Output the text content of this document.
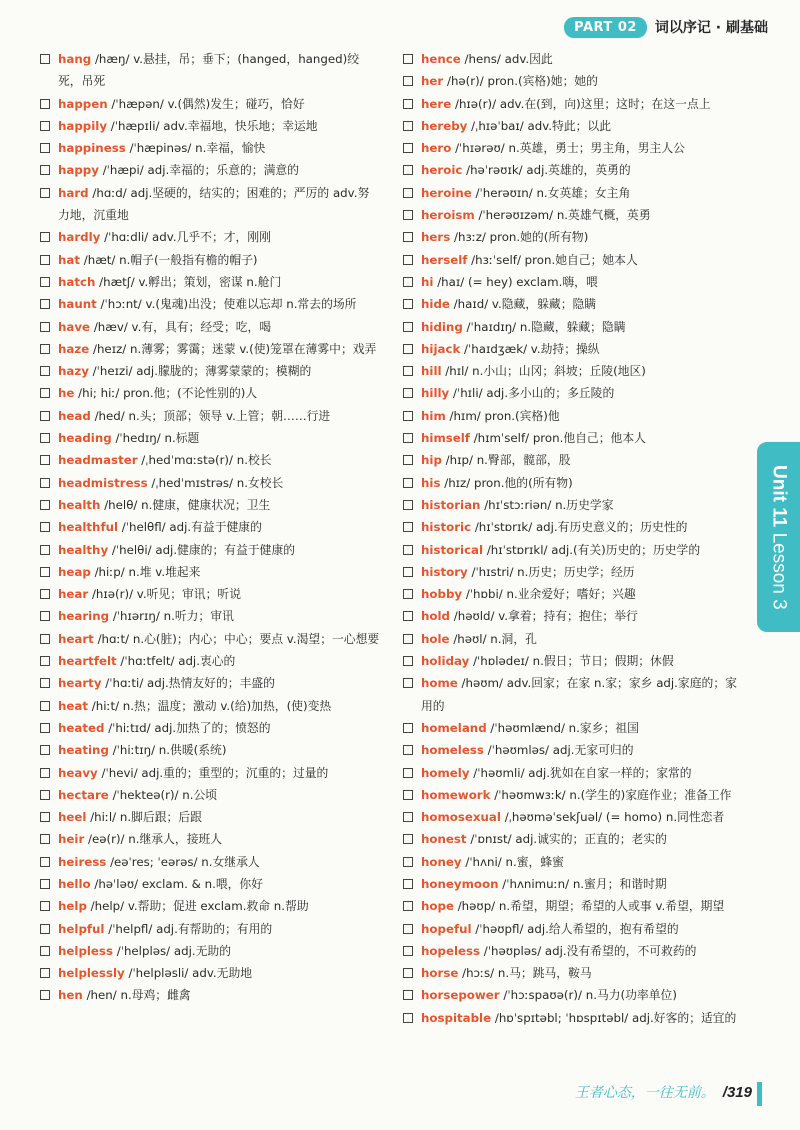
PART 02	词以序记 · 刷基础
hang /hæŋ/ v.悬挂，吊；垂下；(hanged，hanged)绞死，吊死
happen /ˈhæpən/ v.(偶然)发生；碰巧，恰好
happily /ˈhæpɪli/ adv.幸福地，快乐地；幸运地
happiness /ˈhæpinəs/ n.幸福，愉快
happy /ˈhæpi/ adj.幸福的；乐意的；满意的
hard /hɑːd/ adj.坚硬的，结实的；困难的；严厉的 adv.努力地，沉重地
hardly /ˈhɑːdli/ adv.几乎不；才，刚刚
hat /hæt/ n.帽子(一般指有檐的帽子)
hatch /hætʃ/ v.孵出；策划，密谋 n.舱门
haunt /ˈhɔːnt/ v.(鬼魂)出没；使难以忘却 n.常去的场所
have /hæv/ v.有，具有；经受；吃，喝
haze /heɪz/ n.薄雾；雾霭；迷蒙 v.(使)笼罩在薄雾中；戏弄
hazy /ˈheɪzi/ adj.朦胧的；薄雾蒙蒙的；模糊的
he /hi; hiː/ pron.他；(不论性别的)人
head /hed/ n.头；顶部；领导 v.上管；朝……行进
heading /ˈhedɪŋ/ n.标题
headmaster /ˌhedˈmɑːstə(r)/ n.校长
headmistress /ˌhedˈmɪstrəs/ n.女校长
health /helθ/ n.健康，健康状况；卫生
healthful /ˈhelθfl/ adj.有益于健康的
healthy /ˈhelθi/ adj.健康的；有益于健康的
heap /hiːp/ n.堆 v.堆起来
hear /hɪə(r)/ v.听见；审讯；听说
hearing /ˈhɪərɪŋ/ n.听力；审讯
heart /hɑːt/ n.心(脏)；内心；中心；要点 v.渴望；一心想要
heartfelt /ˈhɑːtfelt/ adj.衷心的
hearty /ˈhɑːti/ adj.热情友好的；丰盛的
heat /hiːt/ n.热；温度；激动 v.(给)加热，(使)变热
heated /ˈhiːtɪd/ adj.加热了的；愤怒的
heating /ˈhiːtɪŋ/ n.供暖(系统)
heavy /ˈhevi/ adj.重的；重型的；沉重的；过量的
hectare /ˈhekteə(r)/ n.公顷
heel /hiːl/ n.脚后跟；后跟
heir /eə(r)/ n.继承人，接班人
heiress /eəˈres; ˈeərəs/ n.女继承人
hello /həˈləʊ/ exclam. & n.喂，你好
help /help/ v.帮助；促进 exclam.救命 n.帮助
helpful /ˈhelpfl/ adj.有帮助的；有用的
helpless /ˈhelpləs/ adj.无助的
helplessly /ˈhelpləsli/ adv.无助地
hen /hen/ n.母鸡；雌禽
hence /hens/ adv.因此
her /hə(r)/ pron.(宾格)她；她的
here /hɪə(r)/ adv.在(到，向)这里；这时；在这一点上
hereby /ˌhɪəˈbaɪ/ adv.特此；以此
hero /ˈhɪərəʊ/ n.英雄，勇士；男主角，男主人公
heroic /həˈrəʊɪk/ adj.英雄的，英勇的
heroine /ˈherəʊɪn/ n.女英雄；女主角
heroism /ˈherəʊɪzəm/ n.英雄气概，英勇
hers /hɜːz/ pron.她的(所有物)
herself /hɜːˈself/ pron.她自己；她本人
hi /haɪ/ (= hey) exclam.嗨，喂
hide /haɪd/ v.隐藏，躲藏；隐瞒
hiding /ˈhaɪdɪŋ/ n.隐藏，躲藏；隐瞒
hijack /ˈhaɪdʒæk/ v.劫持；操纵
hill /hɪl/ n.小山；山冈；斜坡；丘陵(地区)
hilly /ˈhɪli/ adj.多小山的；多丘陵的
him /hɪm/ pron.(宾格)他
himself /hɪmˈself/ pron.他自己；他本人
hip /hɪp/ n.臀部，髋部，股
his /hɪz/ pron.他的(所有物)
historian /hɪˈstɔːriən/ n.历史学家
historic /hɪˈstɒrɪk/ adj.有历史意义的；历史性的
historical /hɪˈstɒrɪkl/ adj.(有关)历史的；历史学的
history /ˈhɪstri/ n.历史；历史学；经历
hobby /ˈhɒbi/ n.业余爱好；嗜好；兴趣
hold /həʊld/ v.拿着；持有；抱住；举行
hole /həʊl/ n.洞，孔
holiday /ˈhɒlədeɪ/ n.假日；节日；假期；休假
home /həʊm/ adv.回家；在家 n.家；家乡 adj.家庭的；家用的
homeland /ˈhəʊmlænd/ n.家乡；祖国
homeless /ˈhəʊmləs/ adj.无家可归的
homely /ˈhəʊmli/ adj.犹如在自家一样的；家常的
homework /ˈhəʊmwɜːk/ n.(学生的)家庭作业；准备工作
homosexual /ˌhəʊməˈsekʃuəl/ (= homo) n.同性恋者
honest /ˈɒnɪst/ adj.诚实的；正直的；老实的
honey /ˈhʌni/ n.蜜，蜂蜜
honeymoon /ˈhʌnimuːn/ n.蜜月；和谐时期
hope /həʊp/ n.希望，期望；希望的人或事 v.希望，期望
hopeful /ˈhəʊpfl/ adj.给人希望的，抱有希望的
hopeless /ˈhəʊpləs/ adj.没有希望的，不可救药的
horse /hɔːs/ n.马；跳马，鞍马
horsepower /ˈhɔːspaʊə(r)/ n.马力(功率单位)
hospitable /hɒˈspɪtəbl; ˈhɒspɪtəbl/ adj.好客的；适宜的
Unit 11 Lesson 3
王者心态，一往无前。 /319
